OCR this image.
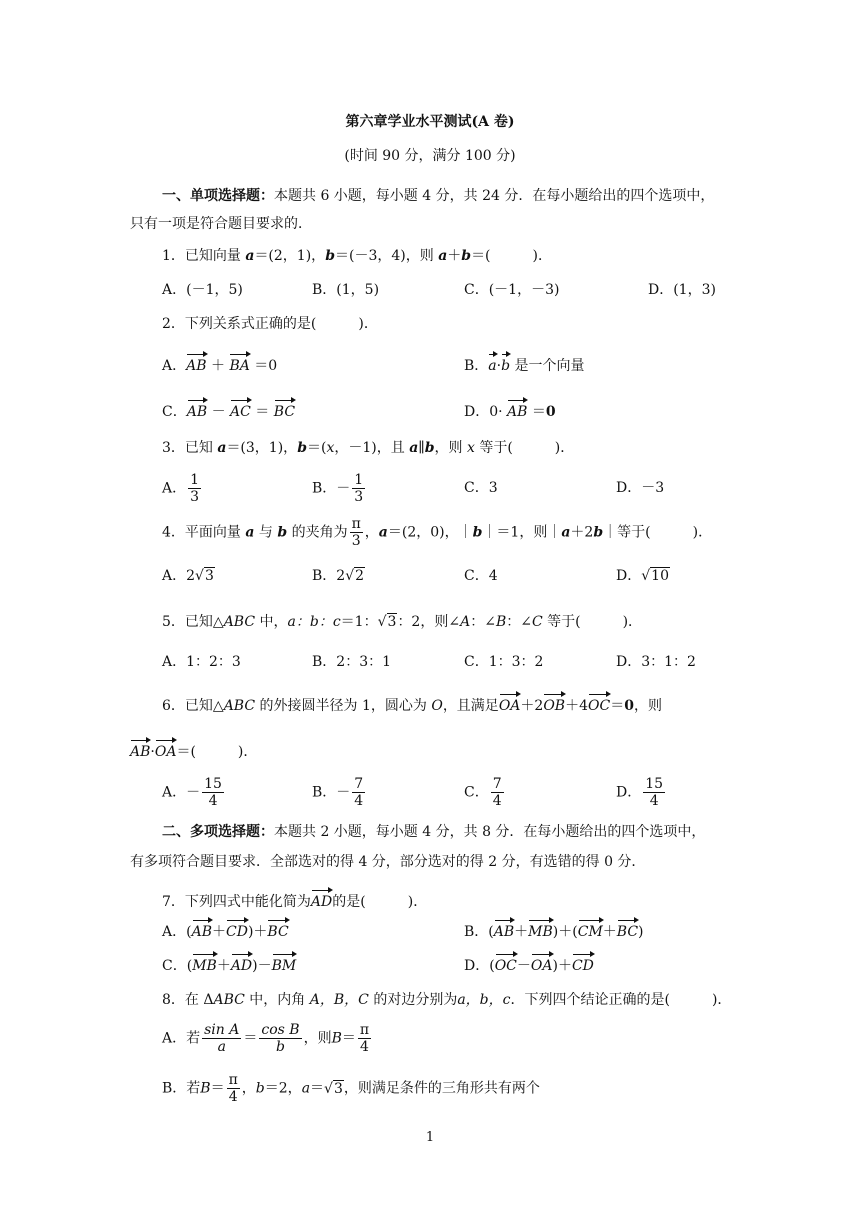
第六章学业水平测试(A 卷)
(时间 90 分，满分 100 分)
一、单项选择题：本题共 6 小题，每小题 4 分，共 24 分．在每小题给出的四个选项中，
只有一项是符合题目要求的．
1．已知向量 a＝(2，1)，b＝(－3，4)，则 a＋b＝(　　　)．
A．(－1，5)	B．(1，5)	C．(－1，－3)	D．(1，3)
2．下列关系式正确的是(　　　)．
A．AB ＋ BA ＝0	B．a·b 是一个向量
C．AB － AC ＝ BC	D．0· AB ＝0
3．已知 a＝(3，1)，b＝(x，－1)，且 a∥b，则 x 等于(　　　)．
A． $\frac{1}{3}$	B．－ $\frac{1}{3}$	C．3	D．－3
4．平面向量 a 与 b 的夹角为 $\frac{\pi}{3}$ ，a＝(2，0)，｜b｜＝1，则｜a＋2b｜等于(　　　)．
A．2√3	B．2√2	C．4	D．√10
5．已知△ABC 中，a：b：c＝1：√3：2，则∠A：∠B：∠C 等于(　　　)．
A．1：2：3	B．2：3：1	C．1：3：2	D．3：1：2
6．已知△ABC 的外接圆半径为 1，圆心为 O，且满足OA＋2OB＋4OC＝0，则
AB·OA＝(　　　)．
A．－ $\frac{15}{4}$	B．－ $\frac{7}{4}$	C． $\frac{7}{4}$	D． $\frac{15}{4}$
二、多项选择题：本题共 2 小题，每小题 4 分，共 8 分．在每小题给出的四个选项中，
有多项符合题目要求．全部选对的得 4 分，部分选对的得 2 分，有选错的得 0 分．
7．下列四式中能化简为AD的是(　　　)．
A．(AB＋CD)＋BC	B．(AB＋MB)＋(CM＋BC)
C．(MB＋AD)－BM	D．(OC－OA)＋CD
8．在 ΔABC 中，内角 A，B，C 的对边分别为a，b，c．下列四个结论正确的是(　　　)．
A．若 $\frac{\text{sin A}}{a} = \frac{\text{cos B}}{b}$ ，则$B= \frac{\pi}{4}$
B．若$B= \frac{\pi}{4}$ ，b＝2，a＝√3，则满足条件的三角形共有两个
1
